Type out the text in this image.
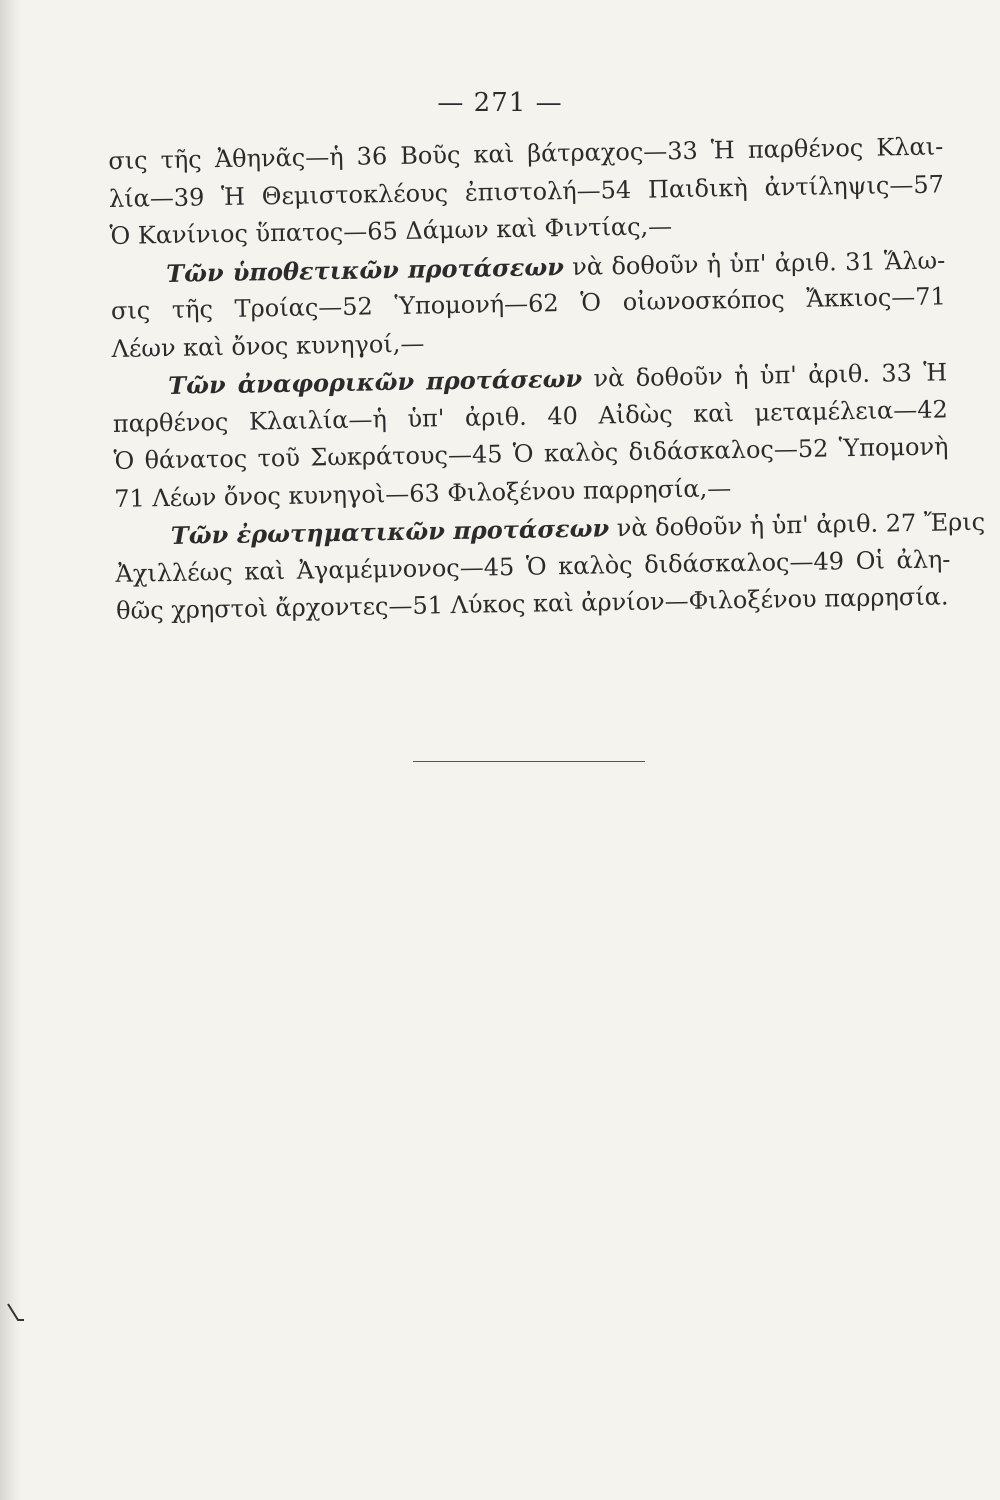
— 271 —
σις τῆς Ἀθηνᾶς—ἡ 36 Βοῦς καὶ βάτραχος—33 Ἡ παρθένος Κλαι-
λία—39 Ἡ Θεμιστοκλέους ἐπιστολή—54 Παιδικὴ ἀντίληψις—57
Ὁ Κανίνιος ὕπατος—65 Δάμων καὶ Φιντίας,—
Τῶν ὑποθετικῶν προτάσεων νὰ δοθοῦν ἡ ὑπ' ἀριθ. 31 Ἅλω-
σις τῆς Τροίας—52 Ὑπομονή—62 Ὁ οἰωνοσκόπος Ἄκκιος—71
Λέων καὶ ὄνος κυνηγοί,—
Τῶν ἀναφορικῶν προτάσεων νὰ δοθοῦν ἡ ὑπ' ἀριθ. 33 Ἡ
παρθένος Κλαιλία—ἡ ὑπ' ἀριθ. 40 Αἰδὼς καὶ μεταμέλεια—42
Ὁ θάνατος τοῦ Σωκράτους—45 Ὁ καλὸς διδάσκαλος—52 Ὑπομονὴ
71 Λέων ὄνος κυνηγοὶ—63 Φιλοξένου παρρησία,—
Τῶν ἐρωτηματικῶν προτάσεων νὰ δοθοῦν ἡ ὑπ' ἀριθ. 27 Ἔρις
Ἀχιλλέως καὶ Ἀγαμέμνονος—45 Ὁ καλὸς διδάσκαλος—49 Οἱ ἀλη-
θῶς χρηστοὶ ἄρχοντες—51 Λύκος καὶ ἀρνίον—Φιλοξένου παρρησία.
